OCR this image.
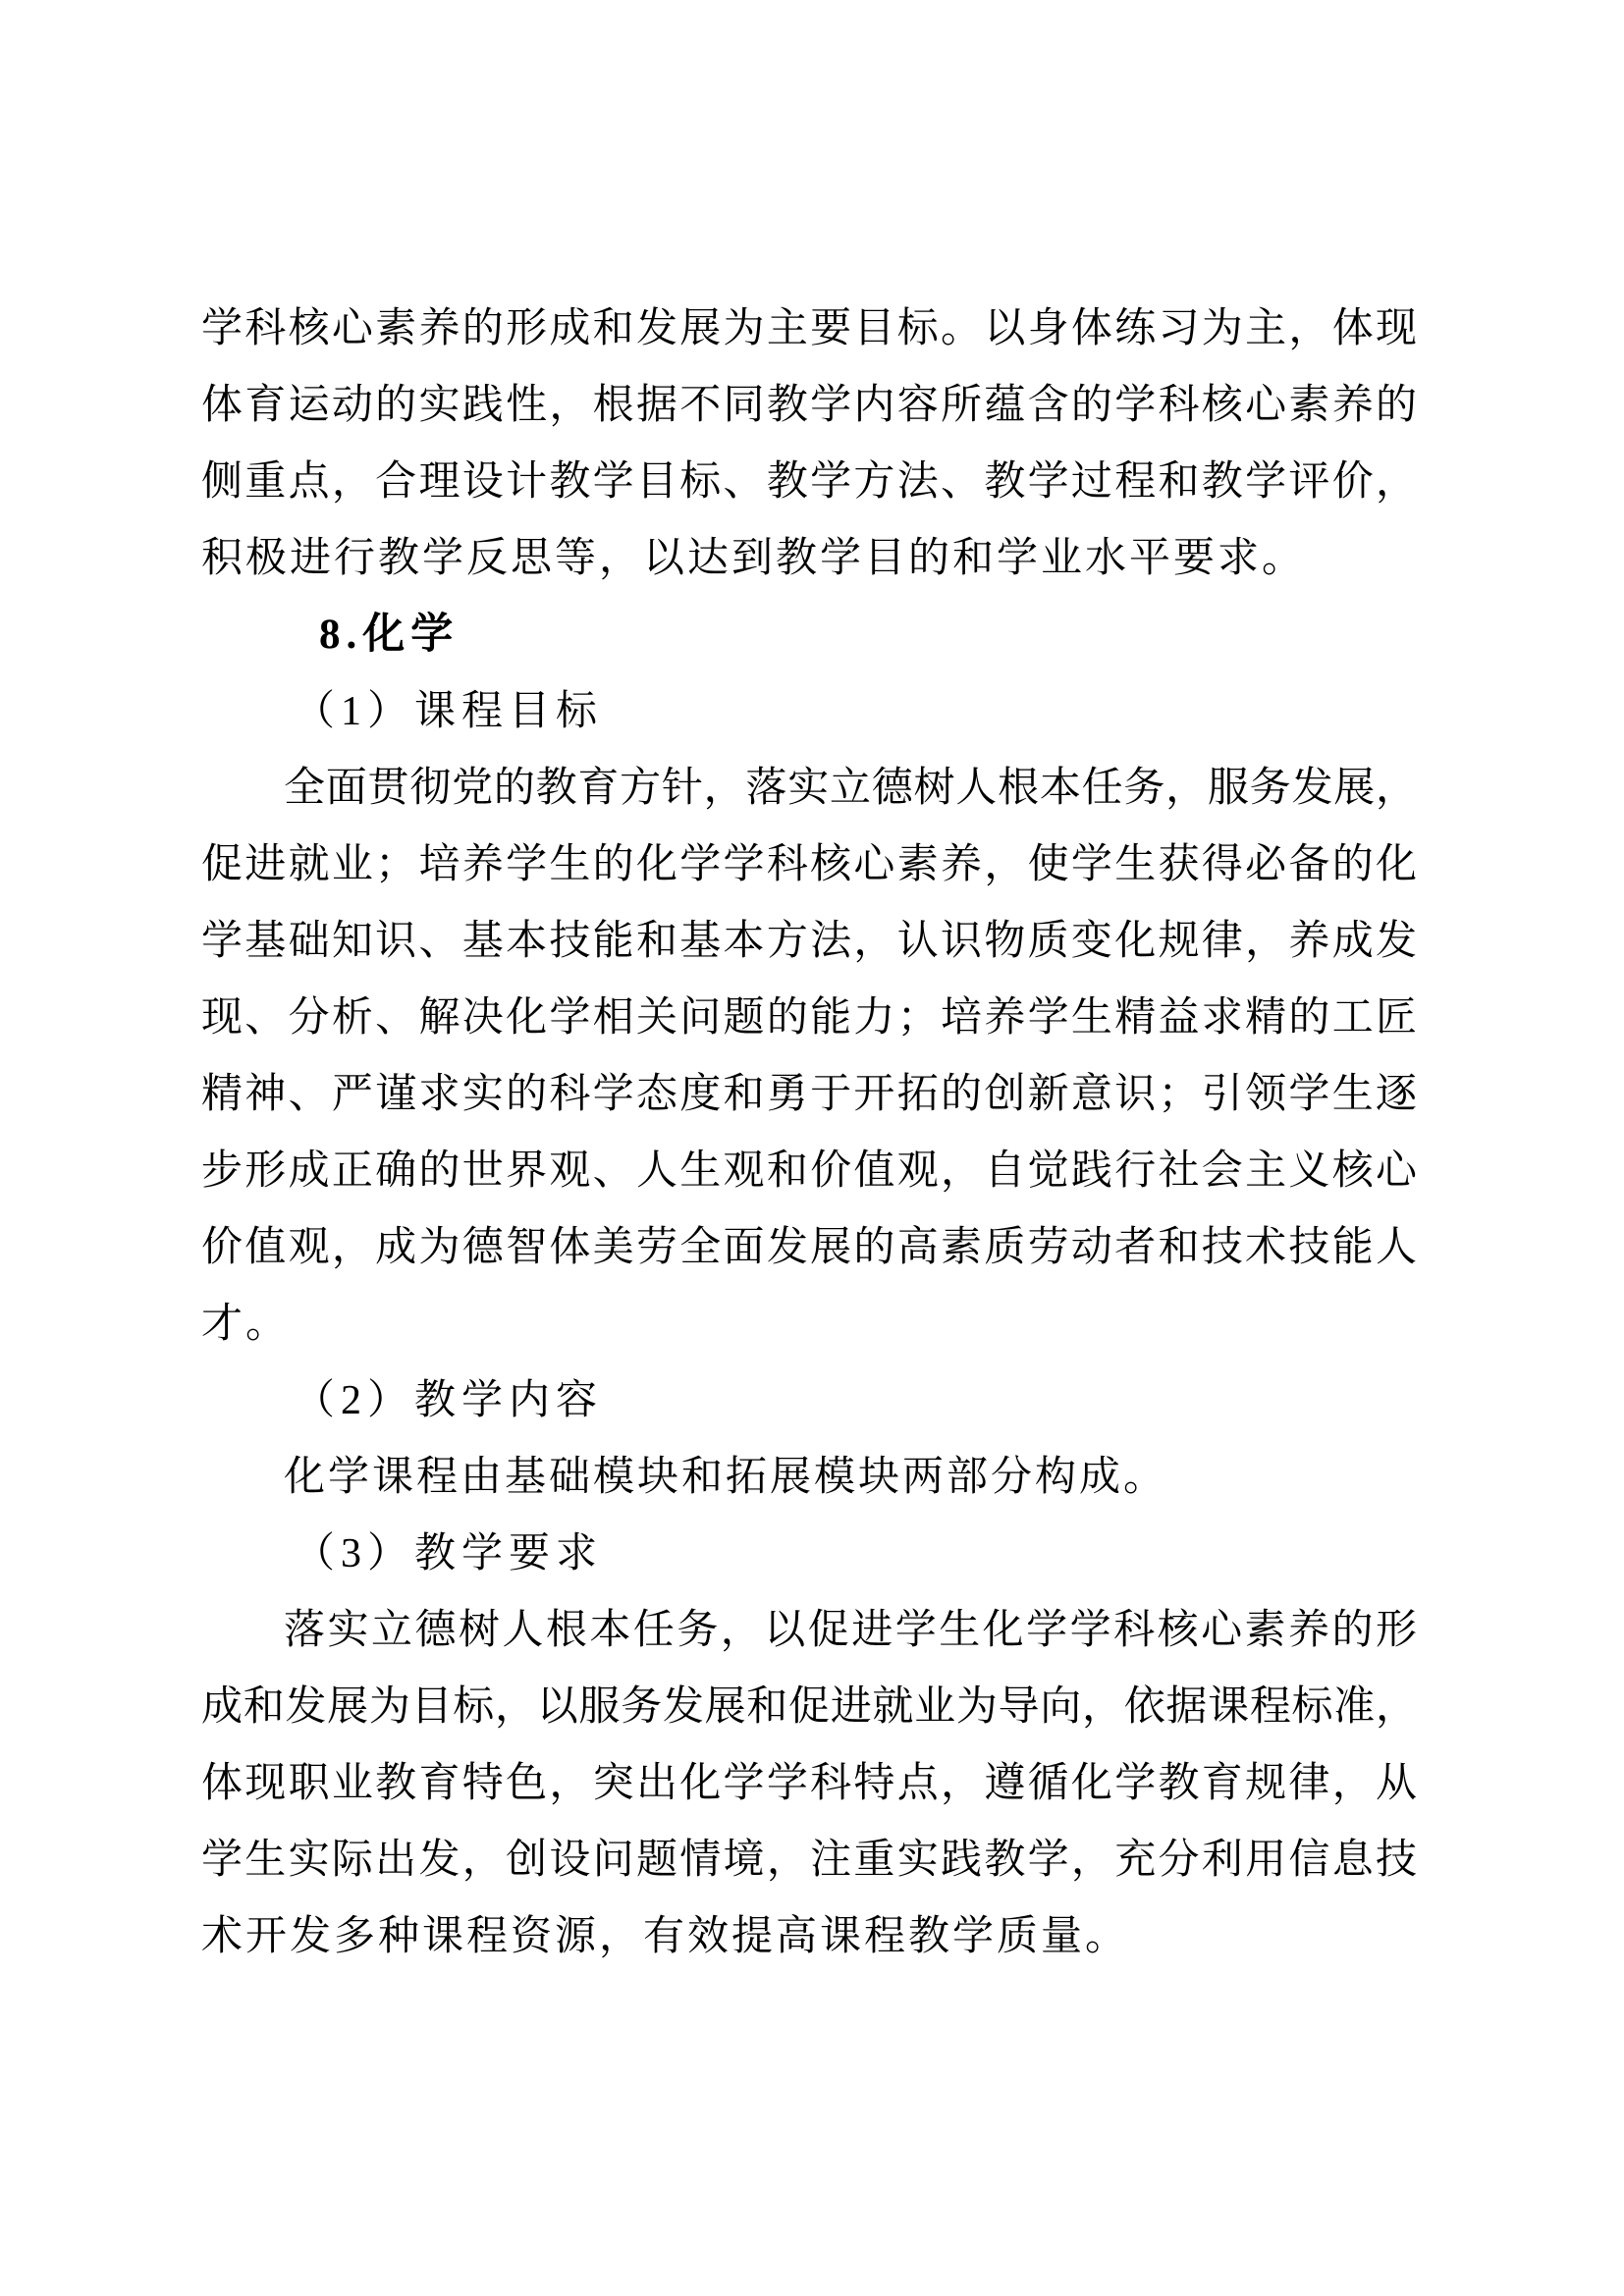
学科核心素养的形成和发展为主要目标。以身体练习为主，体现
体育运动的实践性，根据不同教学内容所蕴含的学科核心素养的
侧重点，合理设计教学目标、教学方法、教学过程和教学评价，
积极进行教学反思等，以达到教学目的和学业水平要求。
8.化学
（1）课程目标
全面贯彻党的教育方针，落实立德树人根本任务，服务发展，
促进就业；培养学生的化学学科核心素养，使学生获得必备的化
学基础知识、基本技能和基本方法，认识物质变化规律，养成发
现、分析、解决化学相关问题的能力；培养学生精益求精的工匠
精神、严谨求实的科学态度和勇于开拓的创新意识；引领学生逐
步形成正确的世界观、人生观和价值观，自觉践行社会主义核心
价值观，成为德智体美劳全面发展的高素质劳动者和技术技能人
才。
（2）教学内容
化学课程由基础模块和拓展模块两部分构成。
（3）教学要求
落实立德树人根本任务，以促进学生化学学科核心素养的形
成和发展为目标，以服务发展和促进就业为导向，依据课程标准，
体现职业教育特色，突出化学学科特点，遵循化学教育规律，从
学生实际出发，创设问题情境，注重实践教学，充分利用信息技
术开发多种课程资源，有效提高课程教学质量。
